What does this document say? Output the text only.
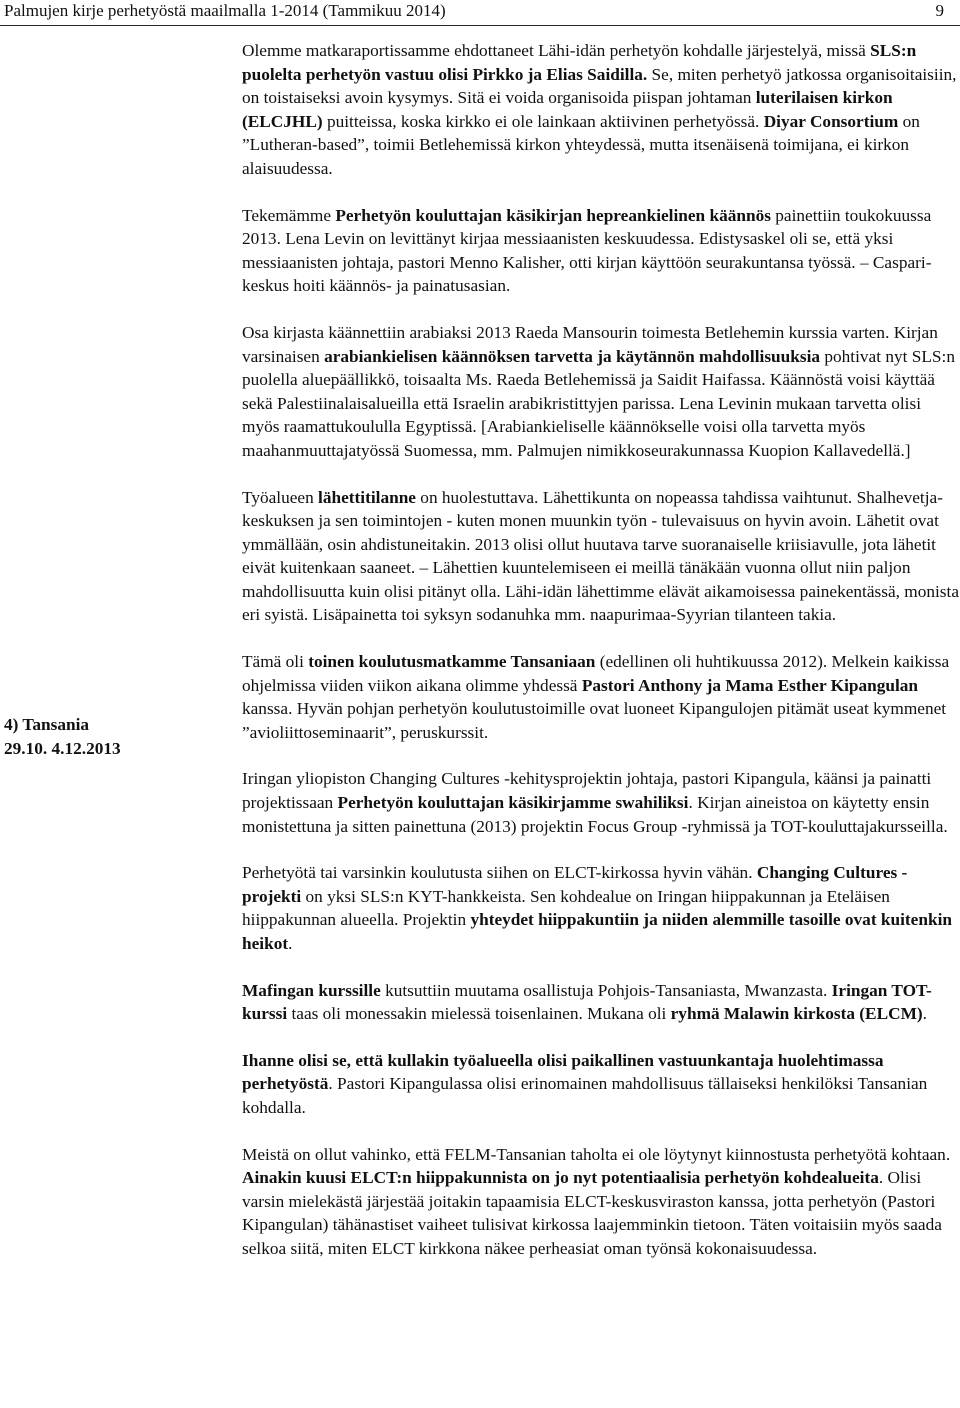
Palmujen kirje perhetyöstä maailmalla 1-2014 (Tammikuu 2014)	9
4) Tansania
29.10. 4.12.2013

Olemme matkaraportissamme ehdottaneet Lähi-idän perhetyön kohdalle järjestelyä, missä SLS:n puolelta perhetyön vastuu olisi Pirkko ja Elias Saidilla. Se, miten perhetyö jatkossa organisoitaisiin, on toistaiseksi avoin kysymys. Sitä ei voida organisoida piispan johtaman luterilaisen kirkon (ELCJHL) puitteissa, koska kirkko ei ole lainkaan aktiivinen perhetyössä. Diyar Consortium on ”Lutheran-based”, toimii Betlehemissä kirkon yhteydessä, mutta itsenäisenä toimijana, ei kirkon alaisuudessa.

Tekemämme Perhetyön kouluttajan käsikirjan hepreankielinen käännös painettiin toukokuussa 2013. Lena Levin on levittänyt kirjaa messiaanisten keskuudessa. Edistysaskel oli se, että yksi messiaanisten johtaja, pastori Menno Kalisher, otti kirjan käyttöön seurakuntansa työssä. – Caspari-keskus hoiti käännös- ja painatusasian.

Osa kirjasta käännettiin arabiaksi 2013 Raeda Mansourin toimesta Betlehemin kurssia varten. Kirjan varsinaisen arabiankielisen käännöksen tarvetta ja käytännön mahdollisuuksia pohtivat nyt SLS:n puolella aluepäällikkö, toisaalta Ms. Raeda Betlehemissä ja Saidit Haifassa. Käännöstä voisi käyttää sekä Palestiinalaisalueilla että Israelin arabikristittyjen parissa. Lena Levinin mukaan tarvetta olisi myös raamattukoululla Egyptissä. [Arabiankieliselle käännökselle voisi olla tarvetta myös maahanmuuttajatyössä Suomessa, mm. Palmujen nimikkoseurakunnassa Kuopion Kallavedellä.]

Työalueen lähettitilanne on huolestuttava. Lähettikunta on nopeassa tahdissa vaihtunut. Shalhevetja-keskuksen ja sen toimintojen - kuten monen muunkin työn - tulevaisuus on hyvin avoin. Lähetit ovat ymmällään, osin ahdistuneitakin. 2013 olisi ollut huutava tarve suoranaiselle kriisiavulle, jota lähetit eivät kuitenkaan saaneet. – Lähettien kuuntelemiseen ei meillä tänäkään vuonna ollut niin paljon mahdollisuutta kuin olisi pitänyt olla. Lähi-idän lähettimme elävät aikamoisessa painekentässä, monista eri syistä. Lisäpainetta toi syksyn sodanuhka mm. naapurimaa-Syyrian tilanteen takia.

Tämä oli toinen koulutusmatkamme Tansaniaan (edellinen oli huhtikuussa 2012). Melkein kaikissa ohjelmissa viiden viikon aikana olimme yhdessä Pastori Anthony ja Mama Esther Kipangulan kanssa. Hyvän pohjan perhetyön koulutustoimille ovat luoneet Kipangulojen pitämät useat kymmenet ”avioliittoseminaarit”, peruskurssit.

Iringan yliopiston Changing Cultures -kehitysprojektin johtaja, pastori Kipangula, käänsi ja painatti projektissaan Perhetyön kouluttajan käsikirjamme swahiliksi. Kirjan aineistoa on käytetty ensin monistettuna ja sitten painettuna (2013) projektin Focus Group -ryhmissä ja TOT-kouluttajakursseilla.

Perhetyötä tai varsinkin koulutusta siihen on ELCT-kirkossa hyvin vähän. Changing Cultures -projekti on yksi SLS:n KYT-hankkeista. Sen kohdealue on Iringan hiippakunnan ja Eteläisen hiippakunnan alueella. Projektin yhteydet hiippakuntiin ja niiden alemmille tasoille ovat kuitenkin heikot.

Mafingan kurssille kutsuttiin muutama osallistuja Pohjois-Tansaniasta, Mwanzasta. Iringan TOT-kurssi taas oli monessakin mielessä toisenlainen. Mukana oli ryhmä Malawin kirkosta (ELCM).

Ihanne olisi se, että kullakin työalueella olisi paikallinen vastuunkantaja huolehtimassa perhetyöstä. Pastori Kipangulassa olisi erinomainen mahdollisuus tällaiseksi henkilöksi Tansanian kohdalla.

Meistä on ollut vahinko, että FELM-Tansanian taholta ei ole löytynyt kiinnostusta perhetyötä kohtaan. Ainakin kuusi ELCT:n hiippakunnista on jo nyt potentiaalisia perhetyön kohdealueita. Olisi varsin mielekästä järjestää joitakin tapaamisia ELCT-keskusviraston kanssa, jotta perhetyön (Pastori Kipangulan) tähänastiset vaiheet tulisivat kirkossa laajemminkin tietoon. Täten voitaisiin myös saada selkoa siitä, miten ELCT kirkkona näkee perheasiat oman työnsä kokonaisuudessa.
